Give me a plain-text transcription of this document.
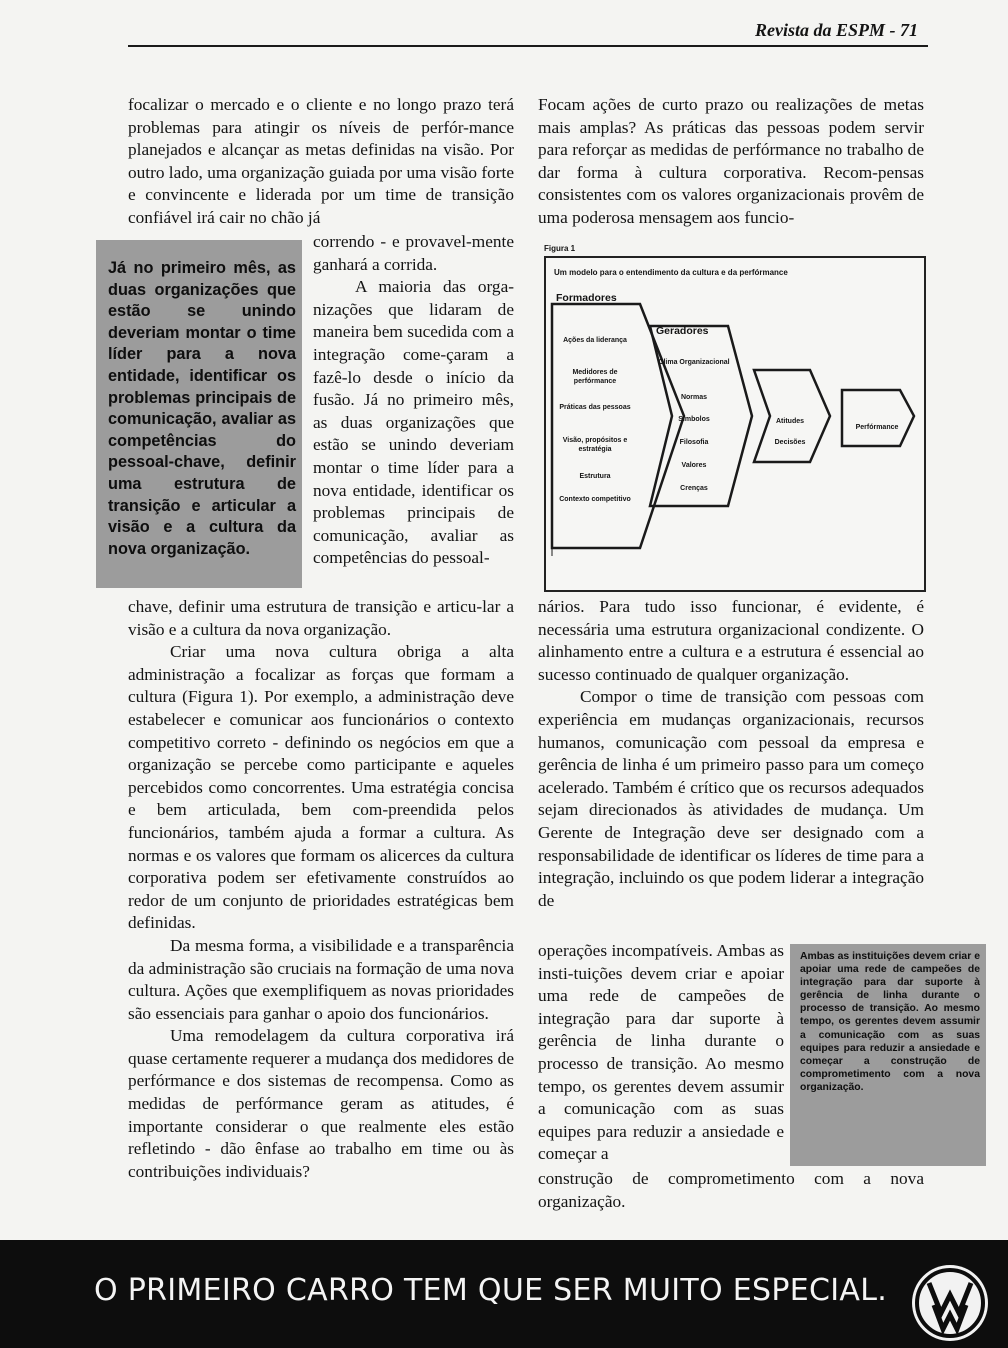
Revista da ESPM - 71

focalizar o mercado e o cliente e no longo prazo terá problemas para atingir os níveis de perfór-mance planejados e alcançar as metas definidas na visão. Por outro lado, uma organização guiada por uma visão forte e convincente e liderada por um time de transição confiável irá cair no chão já

correndo - e provavel-mente ganhará a corrida.

A maioria das orga-nizações que lidaram de maneira bem sucedida com a integração come-çaram a fazê-lo desde o início da fusão. Já no primeiro mês, as duas organizações que estão se unindo deveriam montar o time líder para a nova entidade, identificar os problemas principais de comunicação, avaliar as competências do pessoal-

Já no primeiro mês, as duas organizações que estão se unindo deveriam montar o time líder para a nova entidade, identificar os problemas principais de comunicação, avaliar as competências do pessoal-chave, definir uma estrutura de transição e articular a visão e a cultura da nova organização.

chave, definir uma estrutura de transição e articu-lar a visão e a cultura da nova organização.

Criar uma nova cultura obriga a alta administração a focalizar as forças que formam a cultura (Figura 1). Por exemplo, a administração deve estabelecer e comunicar aos funcionários o contexto competitivo correto - definindo os negócios em que a organização se percebe como participante e aqueles percebidos como concorrentes. Uma estratégia concisa e bem articulada, bem com-preendida pelos funcionários, também ajuda a formar a cultura. As normas e os valores que formam os alicerces da cultura corporativa podem ser efetivamente construídos ao redor de um conjunto de prioridades estratégicas bem definidas.

Da mesma forma, a visibilidade e a transparência da administração são cruciais na formação de uma nova cultura. Ações que exemplifiquem as novas prioridades são essenciais para ganhar o apoio dos funcionários.

Uma remodelagem da cultura corporativa irá quase certamente requerer a mudança dos medidores de perfórmance e dos sistemas de recompensa. Como as medidas de perfórmance geram as atitudes, é importante considerar o que realmente eles estão refletindo - dão ênfase ao trabalho em time ou às contribuições individuais?

Focam ações de curto prazo ou realizações de metas mais amplas? As práticas das pessoas podem servir para reforçar as medidas de perfórmance no trabalho de dar forma à cultura corporativa. Recom-pensas consistentes com os valores organizacionais provêm de uma poderosa mensagem aos funcio-

Figura 1
Um modelo para o entendimento da cultura e da perfórmance
Formadores
Ações da liderança
Medidores de perfórmance
Práticas das pessoas
Visão, propósitos e estratégia
Estrutura
Contexto competitivo
Geradores
Clima Organizacional
Normas
Símbolos
Filosofia
Valores
Crenças
Atitudes
Decisões
Perfórmance

nários. Para tudo isso funcionar, é evidente, é necessária uma estrutura organizacional condizente. O alinhamento entre a cultura e a estrutura é essencial ao sucesso continuado de qualquer organização.

Compor o time de transição com pessoas com experiência em mudanças organizacionais, recursos humanos, comunicação com pessoal da empresa e gerência de linha é um primeiro passo para um começo acelerado. Também é crítico que os recursos adequados sejam direcionados às atividades de mudança. Um Gerente de Integração deve ser designado com a responsabilidade de identificar os líderes de time para a integração, incluindo os que podem liderar a integração de

operações incompatíveis. Ambas as insti-tuições devem criar e apoiar uma rede de campeões de integração para dar suporte à gerência de linha durante o processo de transição. Ao mesmo tempo, os gerentes devem assumir a comunicação com as suas equipes para reduzir a ansiedade e começar a

construção de comprometimento com a nova organização.

Ambas as instituições devem criar e apoiar uma rede de campeões de integração para dar suporte à gerência de linha durante o processo de transição. Ao mesmo tempo, os gerentes devem assumir a comunicação com as suas equipes para reduzir a ansiedade e começar a construção de comprometimento com a nova organização.
O PRIMEIRO CARRO TEM QUE SER MUITO ESPECIAL.
